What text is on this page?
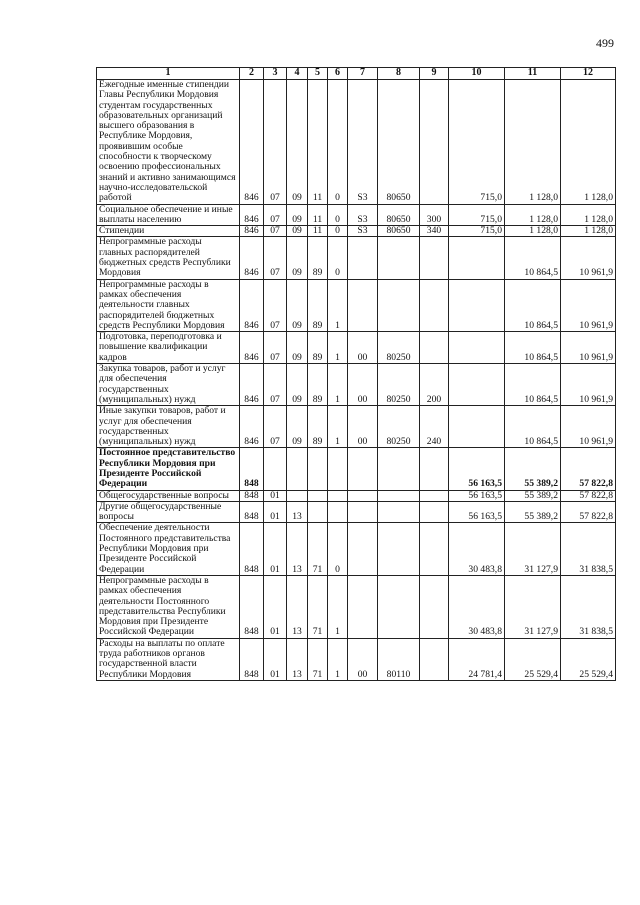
499
1	2	3	4	5	6	7	8	9	10	11	12
Ежегодные именные стипендии Главы Республики Мордовия студентам государственных образовательных организаций высшего образования в Республике Мордовия, проявившим особые способности к творческому освоению профессиональных знаний и активно занимающимся научно-исследовательской работой	846	07	09	11	0	S3	80650		715,0	1 128,0	1 128,0
Социальное обеспечение и иные выплаты населению	846	07	09	11	0	S3	80650	300	715,0	1 128,0	1 128,0
Стипендии	846	07	09	11	0	S3	80650	340	715,0	1 128,0	1 128,0
Непрограммные расходы главных распорядителей бюджетных средств Республики Мордовия	846	07	09	89	0					10 864,5	10 961,9
Непрограммные расходы в рамках обеспечения деятельности главных распорядителей бюджетных средств Республики Мордовия	846	07	09	89	1					10 864,5	10 961,9
Подготовка, переподготовка и повышение квалификации кадров	846	07	09	89	1	00	80250			10 864,5	10 961,9
Закупка товаров, работ и услуг для обеспечения государственных (муниципальных) нужд	846	07	09	89	1	00	80250	200		10 864,5	10 961,9
Иные закупки товаров, работ и услуг для обеспечения государственных (муниципальных) нужд	846	07	09	89	1	00	80250	240		10 864,5	10 961,9
Постоянное представительство Республики Мордовия при Президенте Российской Федерации	848								56 163,5	55 389,2	57 822,8
Общегосударственные вопросы	848	01							56 163,5	55 389,2	57 822,8
Другие общегосударственные вопросы	848	01	13						56 163,5	55 389,2	57 822,8
Обеспечение деятельности Постоянного представительства Республики Мордовия при Президенте Российской Федерации	848	01	13	71	0				30 483,8	31 127,9	31 838,5
Непрограммные расходы в рамках обеспечения деятельности Постоянного представительства Республики Мордовия при Президенте Российской Федерации	848	01	13	71	1				30 483,8	31 127,9	31 838,5
Расходы на выплаты по оплате труда работников органов государственной власти Республики Мордовия	848	01	13	71	1	00	80110		24 781,4	25 529,4	25 529,4
